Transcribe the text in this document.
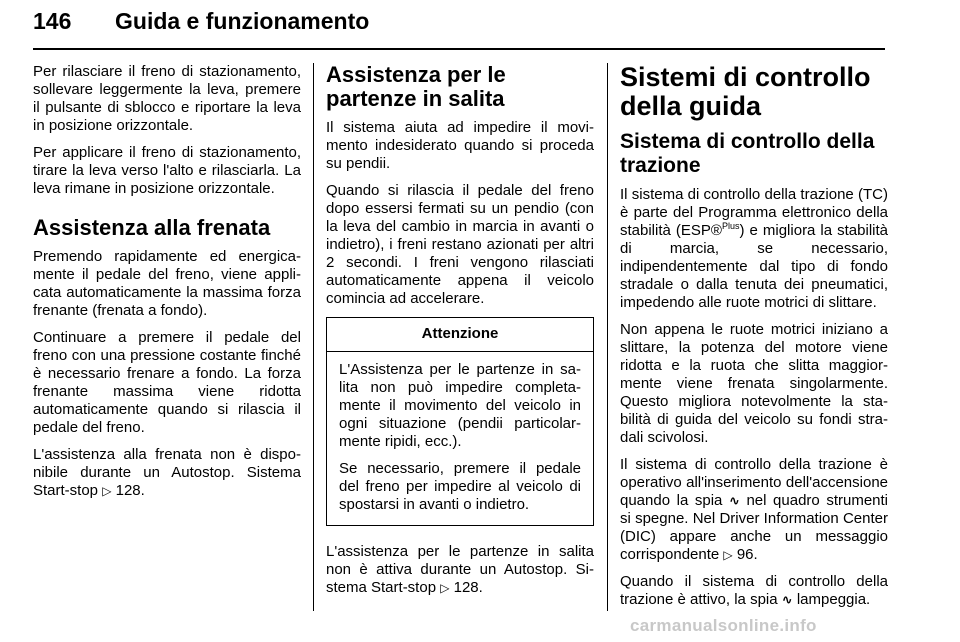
146 Guida e funzionamento

Per rilasciare il freno di stazionamento, sollevare leggermente la leva, premere il pulsante di sblocco e riportare la leva in posizione orizzontale.

Per applicare il freno di stazionamento, tirare la leva verso l'alto e rilasciarla. La leva rimane in posizione orizzontale.

Assistenza alla frenata

Premendo rapidamente ed energicamente il pedale del freno, viene applicata automaticamente la massima forza frenante (frenata a fondo).

Continuare a premere il pedale del freno con una pressione costante finché è necessario frenare a fondo. La forza frenante massima viene ridotta automaticamente quando si rilascia il pedale del freno.

L'assistenza alla frenata non è disponibile durante un Autostop. Sistema Start-stop ▷ 128.

Assistenza per le partenze in salita

Il sistema aiuta ad impedire il movimento indesiderato quando si proceda su pendii.

Quando si rilascia il pedale del freno dopo essersi fermati su un pendio (con la leva del cambio in marcia in avanti o indietro), i freni restano azionati per altri 2 secondi. I freni vengono rilasciati automaticamente appena il veicolo comincia ad accelerare.

Attenzione

L'Assistenza per le partenze in salita non può impedire completamente il movimento del veicolo in ogni situazione (pendii particolarmente ripidi, ecc.).

Se necessario, premere il pedale del freno per impedire al veicolo di spostarsi in avanti o indietro.

L'assistenza per le partenze in salita non è attiva durante un Autostop. Sistema Start-stop ▷ 128.

Sistemi di controllo della guida
Sistema di controllo della trazione

Il sistema di controllo della trazione (TC) è parte del Programma elettronico della stabilità (ESP®$^{Plus}$) e migliora la stabilità di marcia, se necessario, indipendentemente dal tipo di fondo stradale o dalla tenuta dei pneumatici, impedendo alle ruote motrici di slittare.

Non appena le ruote motrici iniziano a slittare, la potenza del motore viene ridotta e la ruota che slitta maggiormente viene frenata singolarmente. Questo migliora notevolmente la stabilità di guida del veicolo su fondi stradali scivolosi.

Il sistema di controllo della trazione è operativo all'inserimento dell'accensione quando la spia ∿ nel quadro strumenti si spegne. Nel Driver Information Center (DIC) appare anche un messaggio corrispondente ▷ 96.

Quando il sistema di controllo della trazione è attivo, la spia ∿ lampeggia.

carmanualsonline.info
